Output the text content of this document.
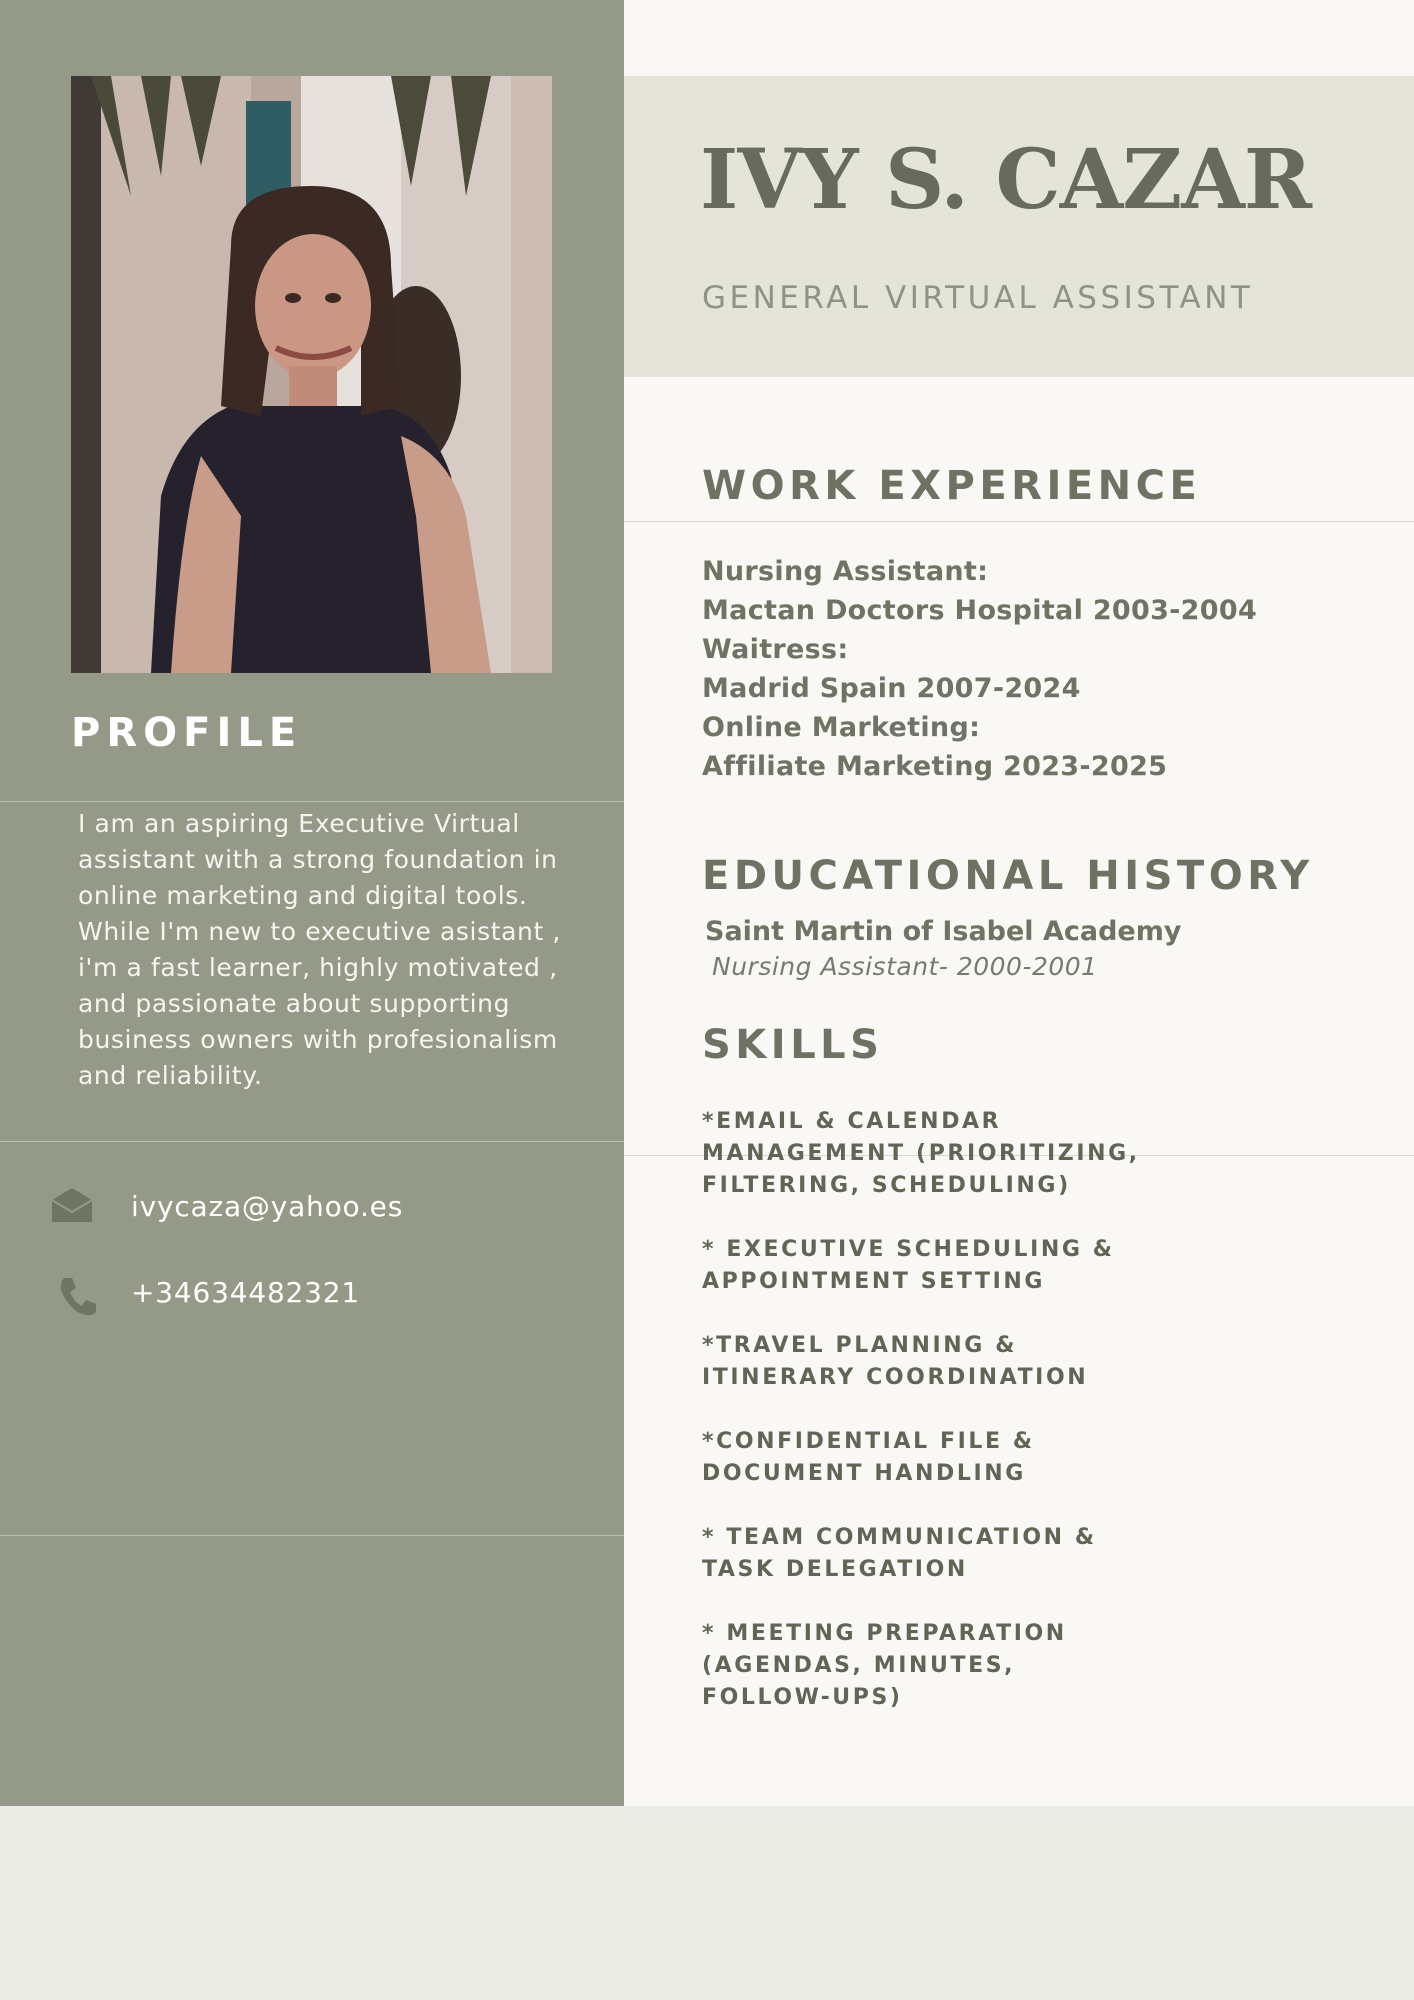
PROFILE

I am an aspiring Executive Virtual
assistant with a strong foundation in
online marketing and digital tools.
While I'm new to executive asistant ,
i'm a fast learner, highly motivated ,
and passionate about supporting
business owners with profesionalism
and reliability.

ivycaza@yahoo.es

+34634482321

IVY S. CAZAR

GENERAL VIRTUAL ASSISTANT

WORK EXPERIENCE
Nursing Assistant:
Mactan Doctors Hospital 2003-2004
Waitress:
Madrid Spain 2007-2024
Online Marketing:
Affiliate Marketing 2023-2025
EDUCATIONAL HISTORY

Saint Martin of Isabel Academy

Nursing Assistant- 2000-2001

SKILLS
*EMAIL & CALENDAR
MANAGEMENT (PRIORITIZING,
FILTERING, SCHEDULING)
* EXECUTIVE SCHEDULING &
APPOINTMENT SETTING
*TRAVEL PLANNING &
ITINERARY COORDINATION
*CONFIDENTIAL FILE &
DOCUMENT HANDLING
* TEAM COMMUNICATION &
TASK DELEGATION
* MEETING PREPARATION
(AGENDAS, MINUTES,
FOLLOW-UPS)
